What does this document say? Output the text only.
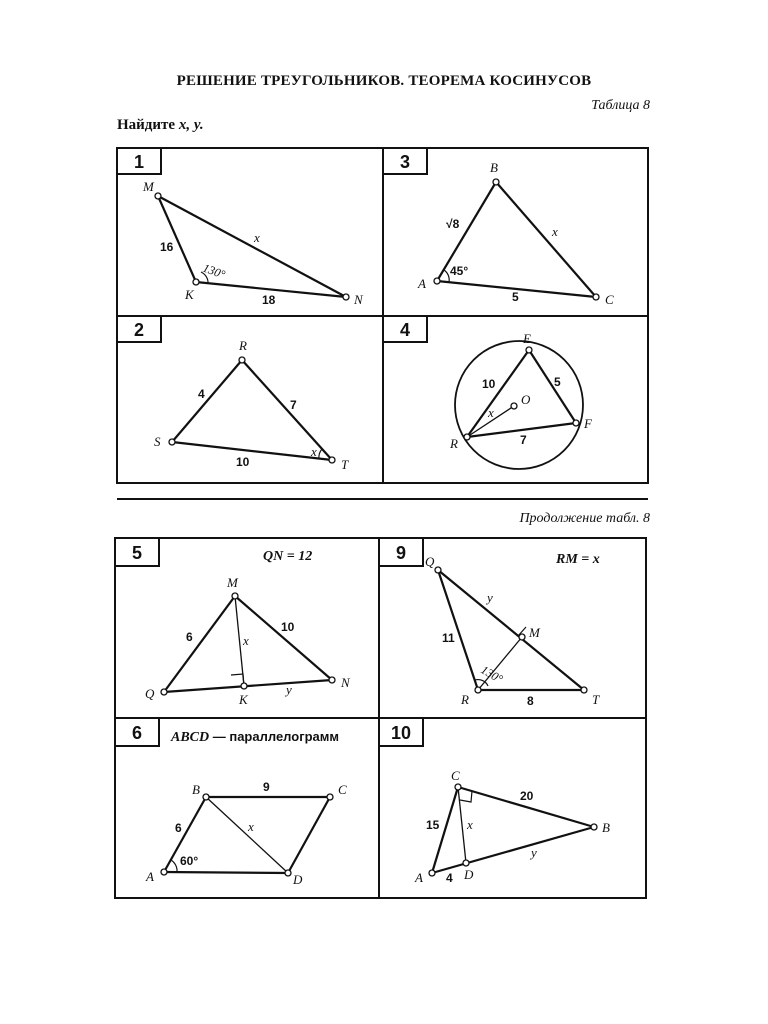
РЕШЕНИЕ ТРЕУГОЛЬНИКОВ. ТЕОРЕМА КОСИНУСОВ
Таблица 8
Найдите x, y.
Продолжение табл. 8
1	3
2	4
5	9
6	10
M
K	N
16
18
x
130°
B
A
C
√8	x
5
45°
R
S
T
4
7
10
x
E
O
R
F
10	5
7
x
QN = 12
M
Q	K
N
6
10
x
y
RM = x
Q
M
R	T
y
11
8
130°
ABCD — параллелограмм
B	C
A	D
9
6	x
60°
C
B
A	D
20
15 x
y
4
